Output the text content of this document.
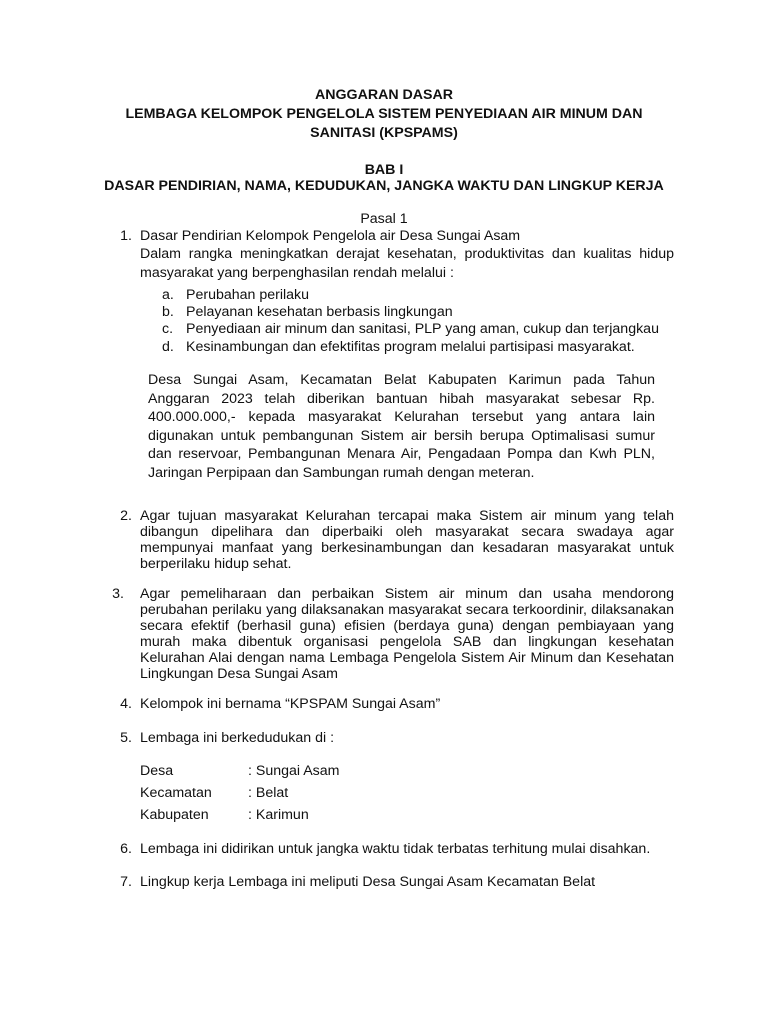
ANGGARAN DASAR

LEMBAGA KELOMPOK PENGELOLA SISTEM PENYEDIAAN AIR MINUM DAN

SANITASI (KPSPAMS)

BAB I

DASAR PENDIRIAN, NAMA, KEDUDUKAN, JANGKA WAKTU DAN LINGKUP KERJA

Pasal 1

1. Dasar Pendirian Kelompok Pengelola air Desa Sungai Asam

Dalam rangka meningkatkan derajat kesehatan, produktivitas dan kualitas hidup masyarakat yang berpenghasilan rendah melalui :

a. Perubahan perilaku
b. Pelayanan kesehatan berbasis lingkungan
c. Penyediaan air minum dan sanitasi, PLP yang aman, cukup dan terjangkau
d. Kesinambungan dan efektifitas program melalui partisipasi masyarakat.

Desa Sungai Asam, Kecamatan Belat Kabupaten Karimun pada Tahun Anggaran 2023 telah diberikan bantuan hibah masyarakat sebesar Rp. 400.000.000,- kepada masyarakat Kelurahan tersebut yang antara lain digunakan untuk pembangunan Sistem air bersih berupa Optimalisasi sumur dan reservoar, Pembangunan Menara Air, Pengadaan Pompa dan Kwh PLN, Jaringan Perpipaan dan Sambungan rumah dengan meteran.

2. Agar tujuan masyarakat Kelurahan tercapai maka Sistem air minum yang telah dibangun dipelihara dan diperbaiki oleh masyarakat secara swadaya agar mempunyai manfaat yang berkesinambungan dan kesadaran masyarakat untuk berperilaku hidup sehat.

3. Agar pemeliharaan dan perbaikan Sistem air minum dan usaha mendorong perubahan perilaku yang dilaksanakan masyarakat secara terkoordinir, dilaksanakan secara efektif (berhasil guna) efisien (berdaya guna) dengan pembiayaan yang murah maka dibentuk organisasi pengelola SAB dan lingkungan kesehatan Kelurahan Alai dengan nama Lembaga Pengelola Sistem Air Minum dan Kesehatan Lingkungan Desa Sungai Asam

4. Kelompok ini bernama “KPSPAM Sungai Asam”

5. Lembaga ini berkedudukan di :

Desa	: Sungai Asam
Kecamatan	: Belat
Kabupaten	: Karimun
6. Lembaga ini didirikan untuk jangka waktu tidak terbatas terhitung mulai disahkan.

7. Lingkup kerja Lembaga ini meliputi Desa Sungai Asam Kecamatan Belat
